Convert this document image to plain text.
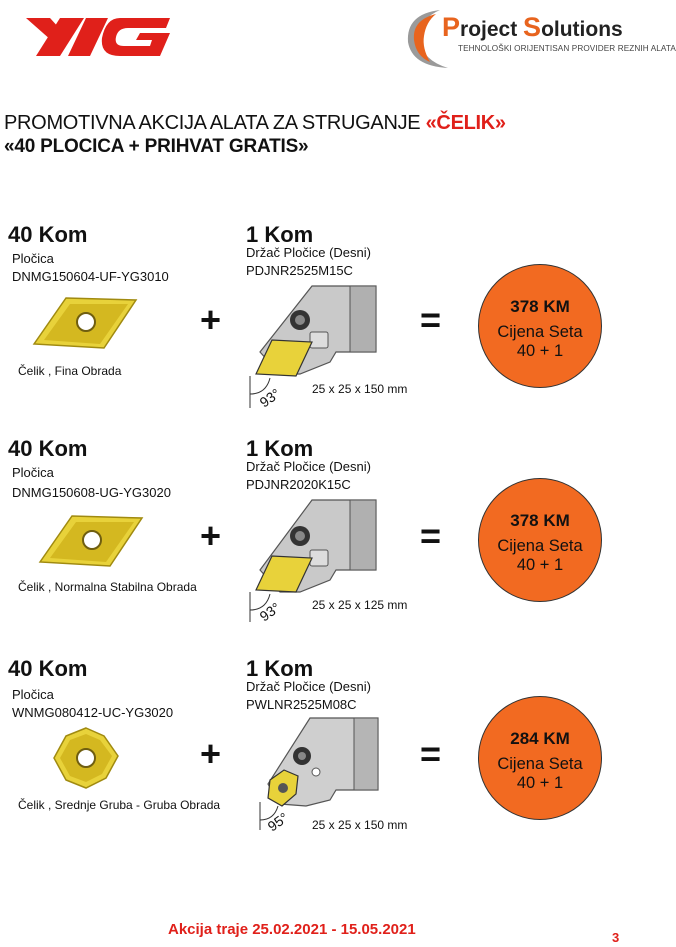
Project Solutions
TEHNOLOŠKI ORIJENTISAN PROVIDER REZNIH ALATA
PROMOTIVNA AKCIJA ALATA ZA STRUGANJE «ČELIK»
«40 PLOCICA + PRIHVAT GRATIS»
40 Kom
Pločica
DNMG150604-UF-YG3010
Čelik , Fina Obrada
+
1 Kom
Držač Pločice (Desni)
PDJNR2525M15C
93° 25 x 25 x 150 mm
=	378 KM
Cijena Seta
40 + 1
40 Kom
Pločica
DNMG150608-UG-YG3020
Čelik , Normalna Stabilna Obrada
+
1 Kom
Držač Pločice (Desni)
PDJNR2020K15C
93° 25 x 25 x 125 mm
=	378 KM
Cijena Seta
40 + 1
40 Kom
Pločica
WNMG080412-UC-YG3020
Čelik , Srednje Gruba - Gruba Obrada
+
1 Kom
Držač Pločice (Desni)
PWLNR2525M08C
95° 25 x 25 x 150 mm
=	284 KM
Cijena Seta
40 + 1
Akcija traje 25.02.2021 - 15.05.2021	3
